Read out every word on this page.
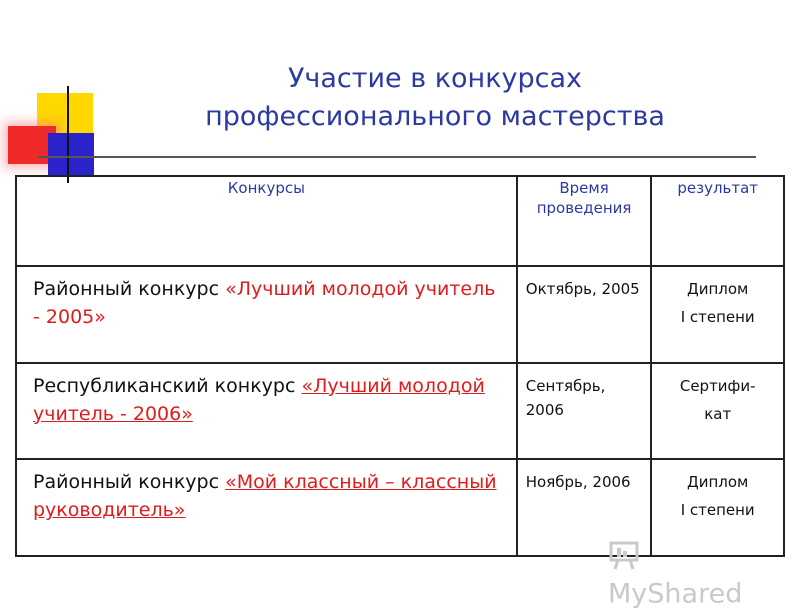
Участие в конкурсах
профессионального мастерства
Конкурсы	Время проведения	результат
Районный конкурс «Лучший молодой учитель - 2005»	Октябрь, 2005	Диплом
I степени

Республиканский конкурс «Лучший молодой учитель - 2006»	Сентябрь, 2006	Сертифи-
кат

Районный конкурс «Мой классный – классный руководитель»	Ноябрь, 2006	Диплом
I степени
MyShared
